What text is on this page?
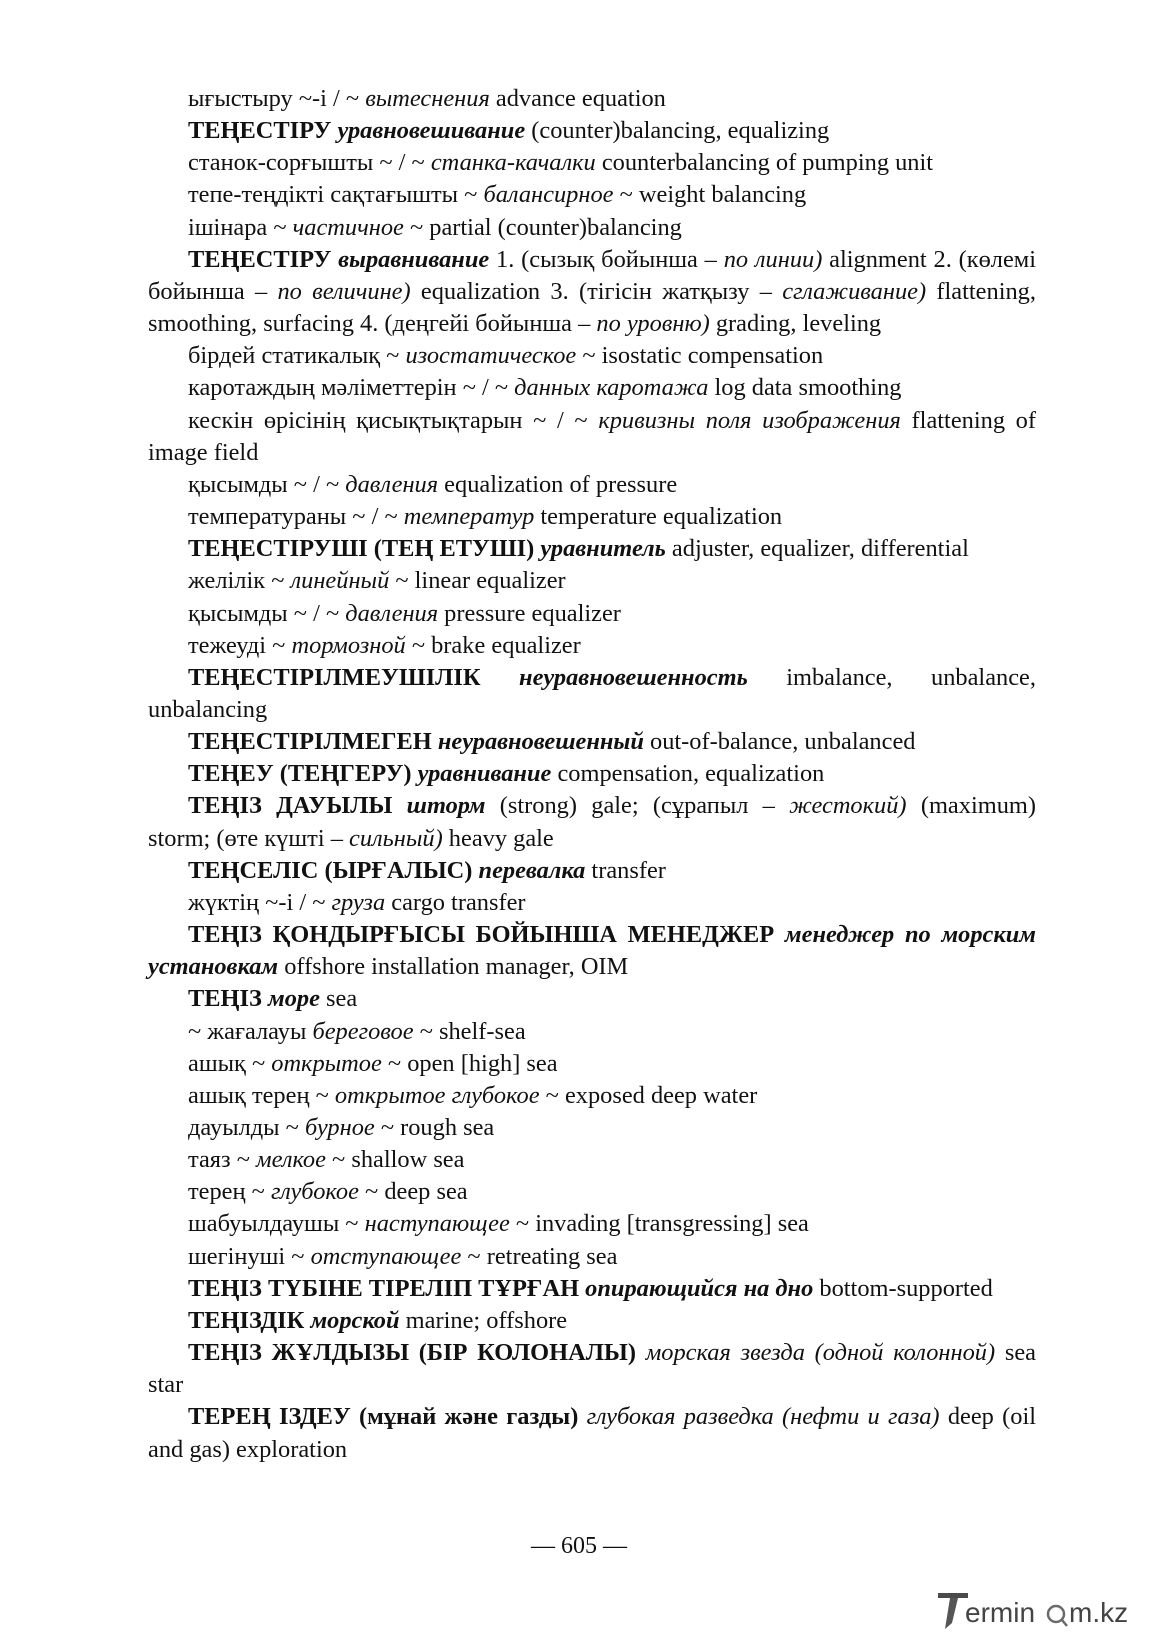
ығыстыру ~-і / ~ вытеснения advance equation

ТЕҢЕСТІРУ уравновешивание (counter)balancing, equalizing

станок-сорғышты ~ / ~ станка-качалки counterbalancing of pumping unit

тепе-теңдікті сақтағышты ~ балансирное ~ weight balancing

ішінара ~ частичное ~ partial (counter)balancing

ТЕҢЕСТІРУ выравнивание 1. (сызық бойынша – по линии) alignment 2. (көлемі бойынша – по величине) equalization 3. (тігісін жатқызу – сглаживание) flattening, smoothing, surfacing 4. (деңгейі бойынша – по уровню) grading, leveling

бірдей статикалық ~ изостатическое ~ isostatic compensation

каротаждың мәліметтерін ~ / ~ данных каротажа log data smoothing

кескін өрісінің қисықтықтарын ~ / ~ кривизны поля изображения flattening of image field

қысымды ~ / ~ давления equalization of pressure

температураны ~ / ~ температур temperature equalization

ТЕҢЕСТІРУШІ (ТЕҢ ЕТУШІ) уравнитель adjuster, equalizer, differential

желілік ~ линейный ~ linear equalizer

қысымды ~ / ~ давления pressure equalizer

тежеуді ~ тормозной ~ brake equalizer

ТЕҢЕСТІРІЛМЕУШІЛІК неуравновешенность imbalance, unbalance, unbalancing

ТЕҢЕСТІРІЛМЕГЕН неуравновешенный out-of-balance, unbalanced

ТЕҢЕУ (ТЕҢГЕРУ) уравнивание compensation, equalization

ТЕҢІЗ ДАУЫЛЫ шторм (strong) gale; (сұрапыл – жестокий) (maximum) storm; (өте күшті – сильный) heavy gale

ТЕҢСЕЛІС (ЫРҒАЛЫС) перевалка transfer

жүктің ~-і / ~ груза cargo transfer

ТЕҢІЗ ҚОНДЫРҒЫСЫ БОЙЫНША МЕНЕДЖЕР менеджер по морским установкам offshore installation manager, OIM

ТЕҢІЗ море sea

~ жағалауы береговое ~ shelf-sea

ашық ~ открытое ~ open [high] sea

ашық терең ~ открытое глубокое ~ exposed deep water

дауылды ~ бурное ~ rough sea

таяз ~ мелкое ~ shallow sea

терең ~ глубокое ~ deep sea

шабуылдаушы ~ наступающее ~ invading [transgressing] sea

шегінуші ~ отступающее ~ retreating sea

ТЕҢІЗ ТҮБІНЕ ТІРЕЛІП ТҰРҒАН опирающийся на дно bottom-supported

ТЕҢІЗДІК морской marine; offshore

ТЕҢІЗ ЖҰЛДЫЗЫ (БІР КОЛОНАЛЫ) морская звезда (одной колонной) sea star

ТЕРЕҢ ІЗДЕУ (мұнай және газды) глубокая разведка (нефти и газа) deep (oil and gas) exploration

— 605 —
ermin m.kz
